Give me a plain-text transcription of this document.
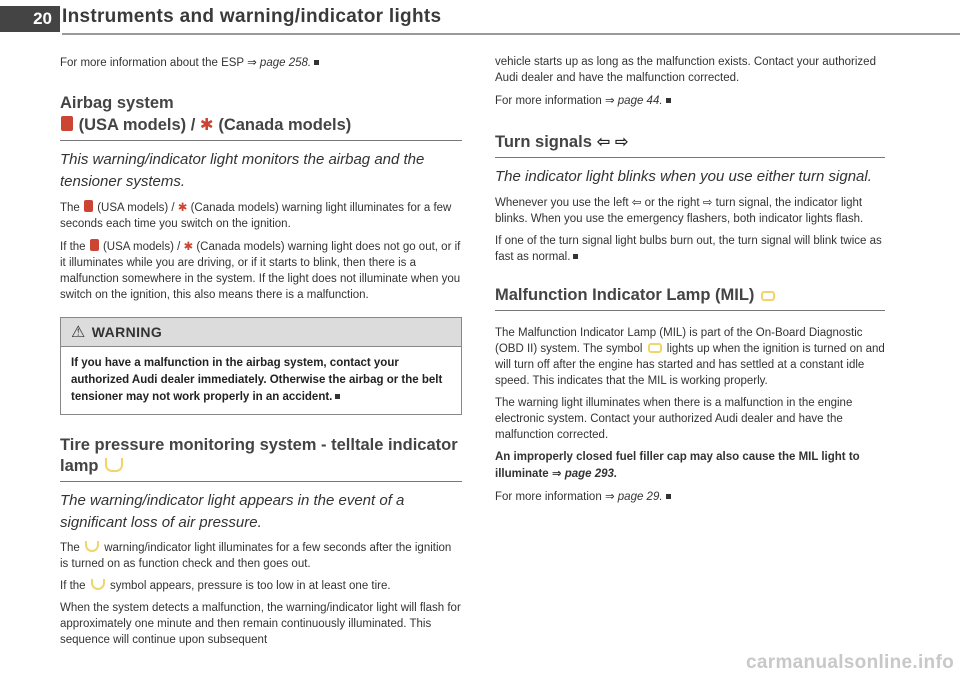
20 Instruments and warning/indicator lights

For more information about the ESP ⇒ page 258.

Airbag system
(USA models) / ✱ (Canada models)

This warning/indicator light monitors the airbag and the tensioner systems.

The  (USA models) / ✱ (Canada models) warning light illuminates for a few seconds each time you switch on the ignition.

If the  (USA models) / ✱ (Canada models) warning light does not go out, or if it illuminates while you are driving, or if it starts to blink, then there is a malfunction somewhere in the system. If the light does not illuminate when you switch on the ignition, this also means there is a malfunction.

⚠ WARNING
If you have a malfunction in the airbag system, contact your authorized Audi dealer immediately. Otherwise the airbag or the belt tensioner may not work properly in an accident.
Tire pressure monitoring system - telltale indicator lamp

The warning/indicator light appears in the event of a significant loss of air pressure.

The  warning/indicator light illuminates for a few seconds after the ignition is turned on as function check and then goes out.

If the  symbol appears, pressure is too low in at least one tire.

When the system detects a malfunction, the warning/indicator light will flash for approximately one minute and then remain continuously illuminated. This sequence will continue upon subsequent

vehicle starts up as long as the malfunction exists. Contact your authorized Audi dealer and have the malfunction corrected.

For more information ⇒ page 44.

Turn signals ⇦ ⇨

The indicator light blinks when you use either turn signal.

Whenever you use the left ⇦ or the right ⇨ turn signal, the indicator light blinks. When you use the emergency flashers, both indicator lights flash.

If one of the turn signal light bulbs burn out, the turn signal will blink twice as fast as normal.

Malfunction Indicator Lamp (MIL)

The Malfunction Indicator Lamp (MIL) is part of the On-Board Diagnostic (OBD II) system. The symbol  lights up when the ignition is turned on and will turn off after the engine has started and has settled at a constant idle speed. This indicates that the MIL is working properly.

The warning light illuminates when there is a malfunction in the engine electronic system. Contact your authorized Audi dealer and have the malfunction corrected.

An improperly closed fuel filler cap may also cause the MIL light to illuminate ⇒ page 293.

For more information ⇒ page 29.

carmanualsonline.info
